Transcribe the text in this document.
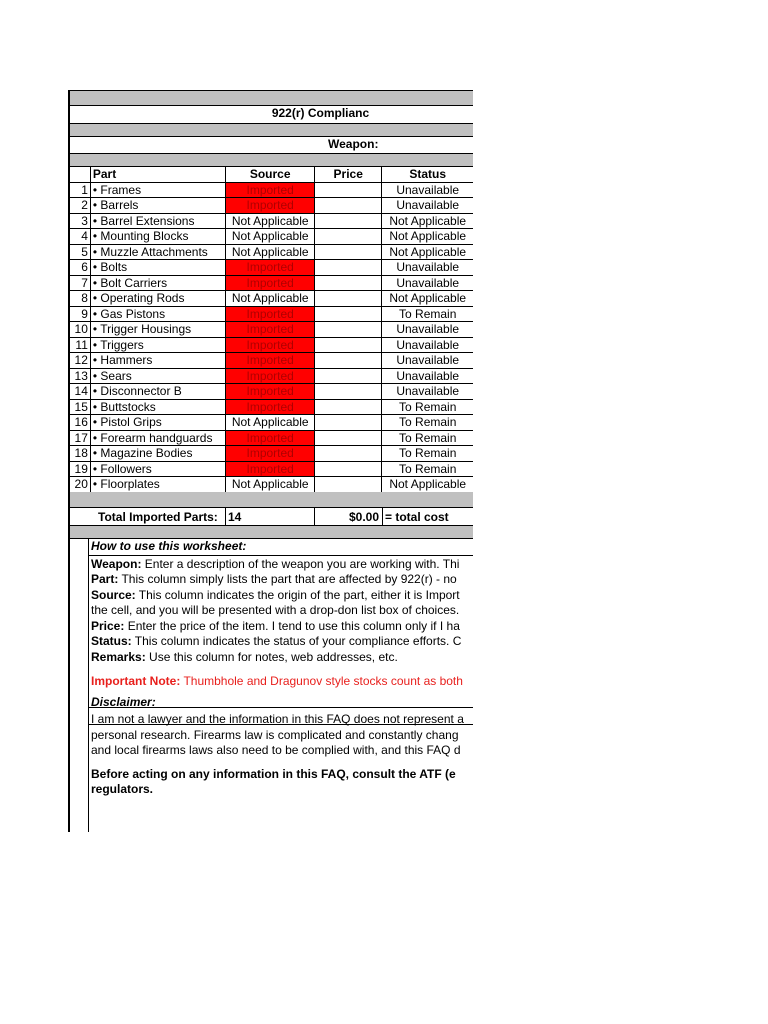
922(r) Complianc
Weapon:
	Part	Source	Price	Status
1	• Frames	Imported		Unavailable
2	• Barrels	Imported		Unavailable
3	• Barrel Extensions	Not Applicable		Not Applicable
4	• Mounting Blocks	Not Applicable		Not Applicable
5	• Muzzle Attachments	Not Applicable		Not Applicable
6	• Bolts	Imported		Unavailable
7	• Bolt Carriers	Imported		Unavailable
8	• Operating Rods	Not Applicable		Not Applicable
9	• Gas Pistons	Imported		To Remain
10	• Trigger Housings	Imported		Unavailable
11	• Triggers	Imported		Unavailable
12	• Hammers	Imported		Unavailable
13	• Sears	Imported		Unavailable
14	• Disconnector B	Imported		Unavailable
15	• Buttstocks	Imported		To Remain
16	• Pistol Grips	Not Applicable		To Remain
17	• Forearm handguards	Imported		To Remain
18	• Magazine Bodies	Imported		To Remain
19	• Followers	Imported		To Remain
20	• Floorplates	Not Applicable		Not Applicable
Total Imported Parts: 14	$0.00 = total cost
How to use this worksheet:
Weapon: Enter a description of the weapon you are working with. Thi
Part: This column simply lists the part that are affected by 922(r) - no
Source: This column indicates the origin of the part, either it is Import
the cell, and you will be presented with a drop-don list box of choices.
Price: Enter the price of the item. I tend to use this column only if I ha
Status: This column indicates the status of your compliance efforts. C
Remarks: Use this column for notes, web addresses, etc.
Important Note: Thumbhole and Dragunov style stocks count as both
Disclaimer:
I am not a lawyer and the information in this FAQ does not represent a
personal research. Firearms law is complicated and constantly chang
and local firearms laws also need to be complied with, and this FAQ d
Before acting on any information in this FAQ, consult the ATF (e
regulators.
